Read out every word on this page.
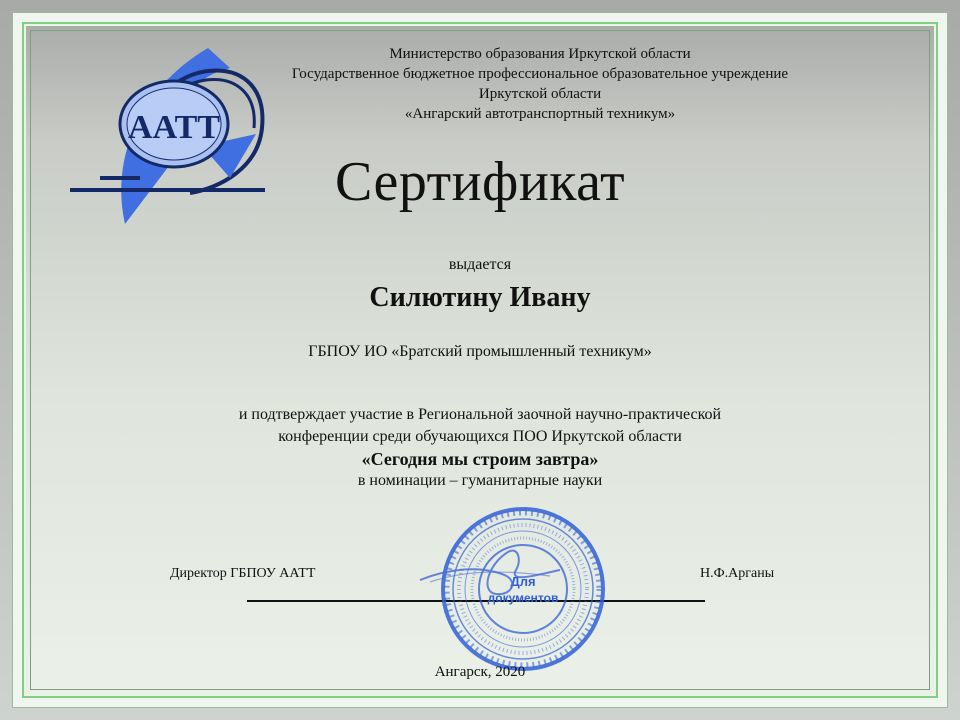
AATT
Министерство образования Иркутской области
Государственное бюджетное профессиональное образовательное учреждение
Иркутской области
«Ангарский автотранспортный техникум»
Сертификат
выдается
Силютину Ивану
ГБПОУ ИО «Братский промышленный техникум»
и подтверждает участие в Региональной заочной научно-практической
конференции среди обучающихся ПОО Иркутской области
«Сегодня мы строим завтра»
в номинации – гуманитарные науки
Директор ГБПОУ ААТТ	Н.Ф.Арганы
Для
документов
Ангарск, 2020
